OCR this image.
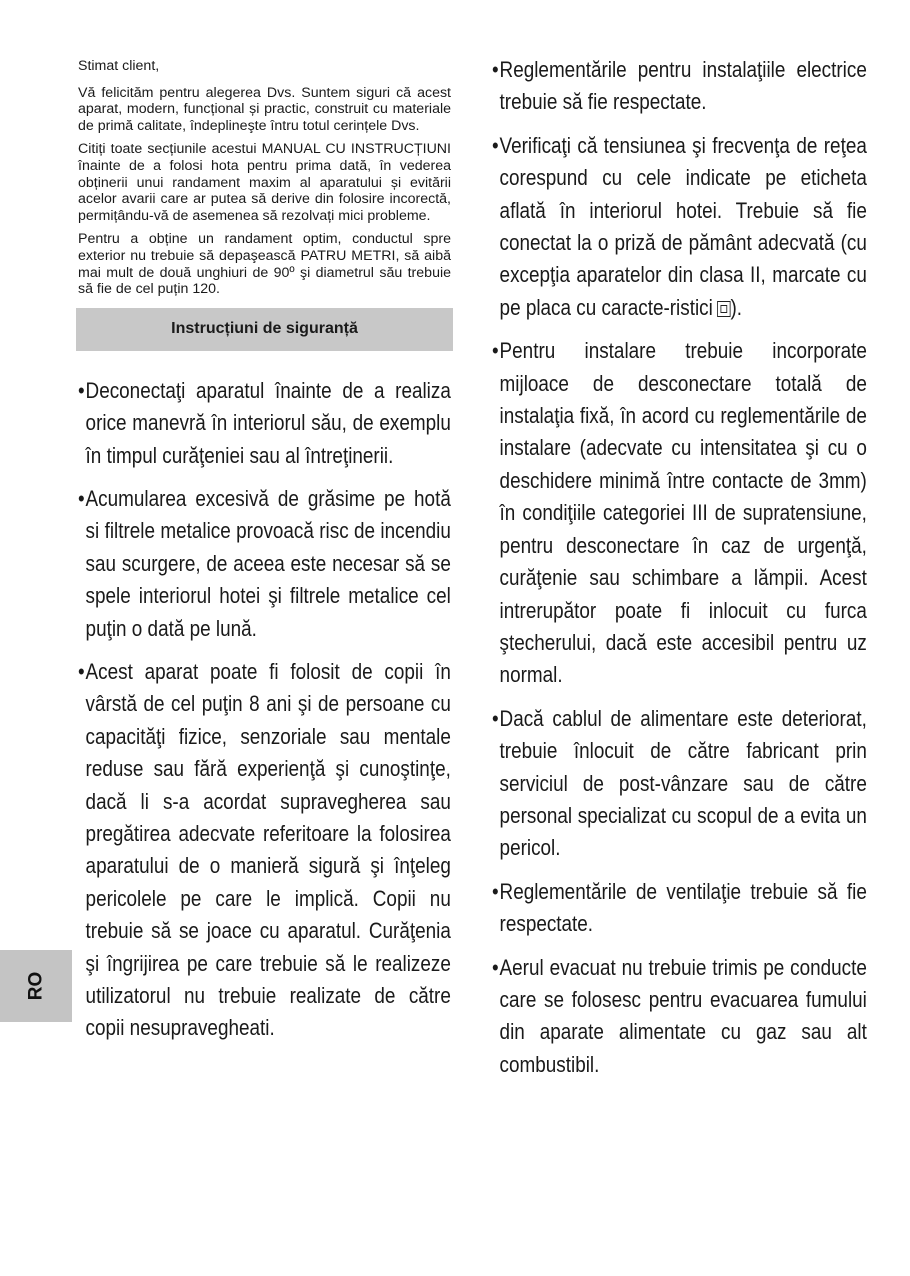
Stimat client,

Vă felicităm pentru alegerea Dvs. Suntem siguri că acest aparat, modern, funcțional și practic, construit cu materiale de primă calitate, îndeplineşte întru totul cerințele Dvs.

Citiți toate secțiunile acestui MANUAL CU INSTRUCȚIUNI înainte de a folosi hota pentru prima dată, în vederea obținerii unui randament maxim al aparatului și evitării acelor avarii care ar putea să derive din folosire incorectă, permițându-vă de asemenea să rezolvați mici probleme.

Pentru a obține un randament optim, conductul spre exterior nu trebuie să depaşească PATRU METRI, să aibă mai mult de două unghiuri de 90º şi diametrul său trebuie să fie de cel puțin 120.

Instrucțiuni de siguranță
• Deconectaţi aparatul înainte de a realiza orice manevră în interiorul său, de exemplu în timpul curăţeniei sau al întreţinerii.
• Acumularea excesivă de grăsime pe hotă si filtrele metalice provoacă risc de incendiu sau scurgere, de aceea este necesar să se spele interiorul hotei şi filtrele metalice cel puţin o dată pe lună.
• Acest aparat poate fi folosit de copii în vârstă de cel puţin 8 ani şi de persoane cu capacităţi fizice, senzoriale sau mentale reduse sau fără experienţă şi cunoştinţe, dacă li s-a acordat supravegherea sau pregătirea adecvate referitoare la folosirea aparatului de o manieră sigură şi înţeleg pericolele pe care le implică. Copii nu trebuie să se joace cu aparatul. Curăţenia şi îngrijirea pe care trebuie să le realizeze utilizatorul nu trebuie realizate de către copii nesupravegheati.
• Reglementările pentru instalaţiile electrice trebuie să fie respectate.
• Verificaţi că tensiunea şi frecvenţa de reţea corespund cu cele indicate pe eticheta aflată în interiorul hotei. Trebuie să fie conectat la o priză de pământ adecvată (cu excepţia aparatelor din clasa II, marcate cu pe placa cu caracte-ristici ).
• Pentru instalare trebuie incorporate mijloace de desconectare totală de instalaţia fixă, în acord cu reglementările de instalare (adecvate cu intensitatea şi cu o deschidere minimă între contacte de 3mm) în condiţiile categoriei III de supratensiune, pentru desconectare în caz de urgenţă, curăţenie sau schimbare a lămpii. Acest intrerupător poate fi inlocuit cu furca ştecherului, dacă este accesibil pentru uz normal.
• Dacă cablul de alimentare este deteriorat, trebuie înlocuit de către fabricant prin serviciul de post-vânzare sau de către personal specializat cu scopul de a evita un pericol.
• Reglementările de ventilaţie trebuie să fie respectate.
• Aerul evacuat nu trebuie trimis pe conducte care se folosesc pentru evacuarea fumului din aparate alimentate cu gaz sau alt combustibil.
RO
